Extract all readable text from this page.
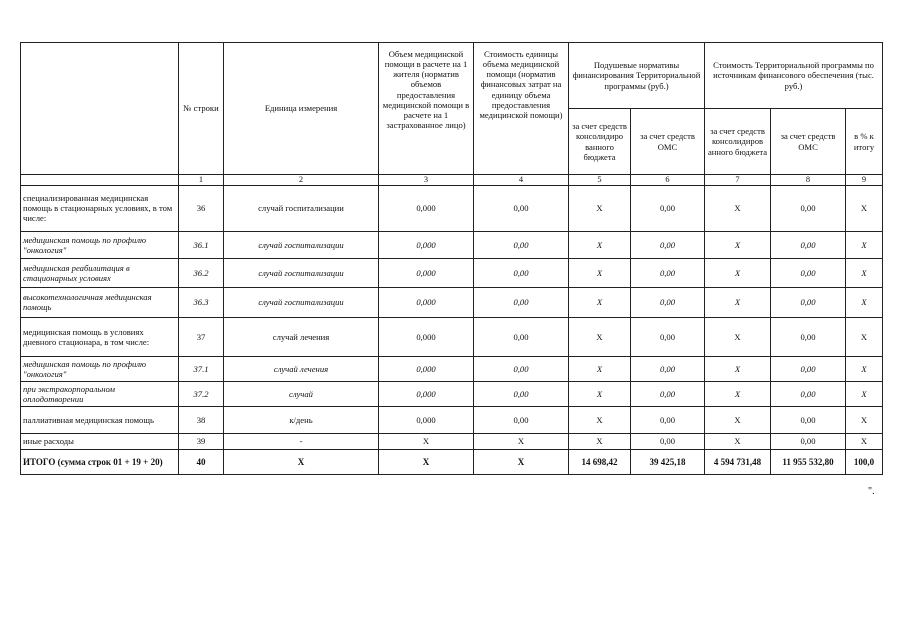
	№ строки	Единица измерения	Объем медицинской помощи в расчете на 1 жителя (норматив объемов предоставления медицинской помощи в расчете на 1 застрахованное лицо)	Стоимость единицы объема медицинской помощи (норматив финансовых затрат на единицу объема предоставления медицинской помощи)	Подушевые нормативы финансирования Территориальной программы (руб.)		Стоимость Территориальной программы по источникам финансового обеспечения (тыс. руб.)		
					за счет средств консолидиро ванного бюджета	за счет средств ОМС	за счет средств консолидиров анного бюджета	за счет средств ОМС	в % к итогу
	1	2	3	4	5	6	7	8	9
специализированная медицинская помощь в стационарных условиях, в том числе:	36	случай госпитализации	0,000	0,00	X	0,00	X	0,00	X
медицинская помощь по профилю "онкология"	36.1	случай госпитализации	0,000	0,00	X	0,00	X	0,00	X
медицинская реабилитация в стационарных условиях	36.2	случай госпитализации	0,000	0,00	X	0,00	X	0,00	X
высокотехнологичная медицинская помощь	36.3	случай госпитализации	0,000	0,00	X	0,00	X	0,00	X
медицинская помощь в условиях дневного стационара, в том числе:	37	случай лечения	0,000	0,00	X	0,00	X	0,00	X
медицинская помощь по профилю "онкология"	37.1	случай лечения	0,000	0,00	X	0,00	X	0,00	X
при экстракорпоральном оплодотворении	37.2	случай	0,000	0,00	X	0,00	X	0,00	X
паллиативная медицинская помощь	38	к/день	0,000	0,00	X	0,00	X	0,00	X
иные расходы	39	-	X	X	X	0,00	X	0,00	X
ИТОГО (сумма строк 01 + 19 + 20)	40	X	X	X	14 698,42	39 425,18	4 594 731,48	11 955 532,80	100,0
".
